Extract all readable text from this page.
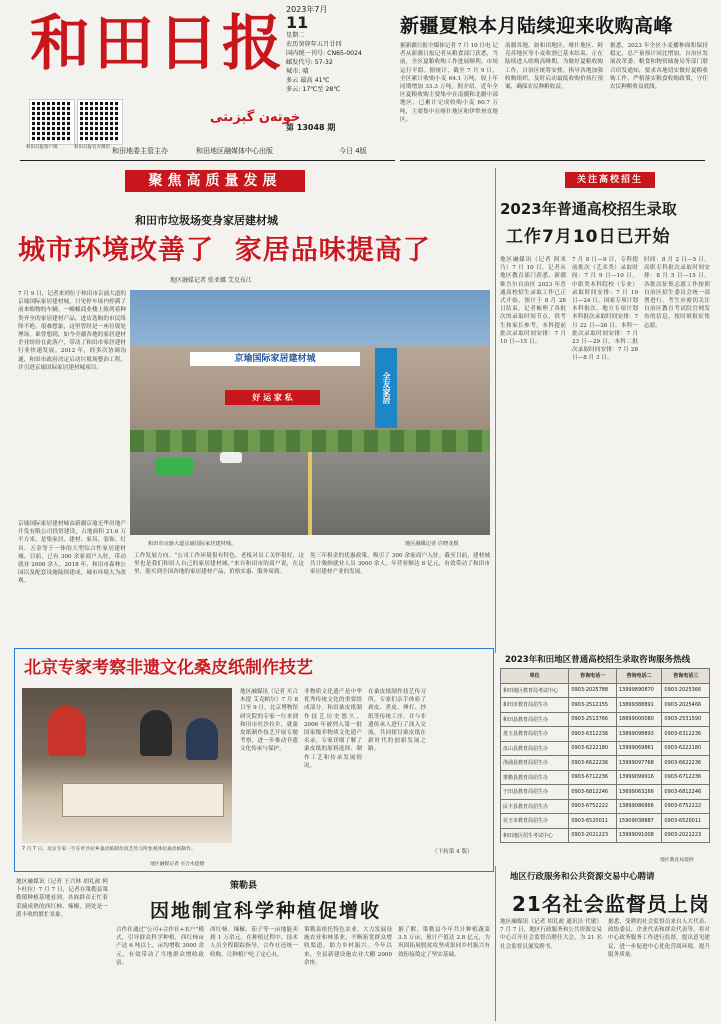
和田日报
خوتەن گېزىتى
和田日报客户端	和田日报官方微信
2023年7月
11
星期二
农历癸卯年五月廿四
国内统一刊号: CN65-0024
邮发代号: 57-32
城市: 晴
多云 最高 41℃
多云: 17℃至 28℃
第 13048 期
和田地委主管主办	和田地区融媒体中心出版	今日 4版
新疆夏粮本月陆续迎来收购高峰
据新疆日报全媒体记者 7 月 10 日电 记者从新疆日报记者从粮食部门获悉，当前，全区夏粮收购工作进展顺利，市场运行平稳。据统计，截至 7 月 9 日，全区累计收购小麦 64.1 万吨，较上年同期增加 33.3 万吨。据介绍，近年全区夏粮收购主要集中在南疆和北疆中部地区，已累计完成收购小麦 60.7 万吨，主要集中在喀什地区和伊犁州直地区。
南疆各地，如和田地区、喀什地区、阿克苏地区等小麦收割已基本结束，正在陆续进入收购高峰期。为做好夏粮收购工作，自治区统筹安排，指导各地加强收购组织，及时启动最低收购价执行预案，确保农民种粮收益。
据悉，2023 年全区小麦播种面积保持稳定，总产量预计同比增加。自治区发展改革委、粮食和物资储备局等部门联合印发通知，要求各地切实做好夏粮收购工作，严格落实粮食收购政策，守住农民种粮收益底线。
聚焦高质量发展
和田市垃圾场变身家居建材城
城市环境改善了  家居品味提高了
地区融媒记者 张亚娜 艾克布江
7 月 9 日，记者来到位于和田市京涌大道的京瑜国际家居建材城，只见停车场内停满了前来购物的车辆。一幢幢商业楼上陈列着种类齐全的家居建材产品，进店选购的市民络绎不绝。很难想象，这里曾经是一座垃圾处理场。谁曾想到，如今全疆各地的家居建材企业纷纷在此落户，带动了和田市家居建材行业快速发展。2012 年，经多次协调沟通，和田市政府决定启动垃圾场整治工程，并引进京瑜国际家居建材城项目。
京瑜国际家居建材城由新疆京瑜无华房地产开发有限公司投资建设，占地面积 21.6 万平方米，是集家居、建材、家具、装饰、灯具、五金等于一体的大型综合性家居建材城。目前，已有 300 余家商户入驻，带动就业 2000 余人。2018 年，和田市森林公园以及配套设施陆续建成，城市环境大为改观。
京瑜国际家居建材城
好 运 家 私	全友家居
和田市京瑜大道京瑜国际家居建材城。	地区融媒记者 许晓龙摄
工作发展方向。“公司工作环境很有特色，老板对员工关怀很好，这里也是我们和田人自己的家居建材城。”来自和田市的商户说，在这里，能买到全国各地的家居建材产品，价格实惠、服务周到。
免三年租金的优惠政策，吸引了 300 余家商户入驻。截至目前，建材城共计吸纳就业人员 3000 余人，年营业额达 8 亿元，有效带动了和田市家居建材产业的发展。
关注高校招生
2023年普通高校招生录取
工作7月10日已开始
地区融媒讯（记者 阿米乃）7 月 10 日，记者从地区教育部门获悉，新疆维吾尔自治区 2023 年普通高校招生录取工作已正式开始，预计于 8 月 28 日结束。记者梳理了各批次的录取时间节点，供考生和家长参考。本科提前批次录取时间安排：7 月 10 日—15 日。
7 月 8 日—9 日，专科提前批次（艺术类）录取时间：7 月 9 日—10 日，中职类本科院校（专业）录取时间安排：7 月 19 日—24 日，国家专项计划本科批次、地方专项计划本科批次录取时间安排：7 月 22 日—26 日。本科一批次录取时间安排：7 月 23 日—29 日。本科二批次录取时间安排：7 月 28 日—8 月 3 日。
时间：8 月 2 日—5 日。高职专科批次录取时间安排：8 月 5 日—15 日。各批次征集志愿工作按照自治区招生委员会统一部署进行，考生应密切关注自治区教育考试院官网发布的信息，按时填报征集志愿。
2023年和田地区普通高校招生录取咨询服务热线
单位	咨询电话一	咨询电话二	咨询电话三
和田地区教育局考试中心	0903-2025788	13999890870	0903-2025366
和田市教育局招生办	0903-2512155	13899388891	0903-2025466
和田县教育局招生办	0903-2513766	18899000080	0903-2531590
墨玉县教育局招生办	0903-6312236	13899098893	0903-6312236
皮山县教育局招生办	0903-6222180	13999069861	0903-6222180
洛浦县教育局招生办	0903-6622236	13999097768	0903-6622236
策勒县教育局招生办	0903-6712236	13999099916	0903-6712236
于田县教育局招生办	0903-6812246	13699063266	0903-6812246
民丰县教育局招生办	0903-6752222	13899086866	0903-6752222
昆玉市教育局招生办	0903-6520011	15909038887	0903-6520011
和田地区招生考试中心	0903-2021223	13999091008	0903-2021223
地区教育局提供
北京专家考察非遗文化桑皮纸制作技艺
7 月 7 日，北京专家一行在吐沙拉乡桑皮纸制作技艺传习所参观体验桑皮纸制作。
地区融媒记者 买合木提摄
地区融媒讯（记者 买合木提 艾克帕尔）7 月 8 日至 9 日，北京博物馆研究院的专家一行来到和田市吐沙拉乡，就桑皮纸制作技艺开展专题考察，进一步推动非遗文化传承与保护。
非物质文化遗产是中华优秀传统文化的重要组成部分。和田桑皮纸制作技艺历史悠久，2006 年被列入第一批国家级非物质文化遗产名录。专家详细了解了桑皮纸的原料选择、制作工艺和传承发展情况。
在桑皮纸制作技艺传习所，专家们亲手体验了剥皮、煮皮、捶打、抄纸等传统工序，并与非遗传承人进行了深入交流，共同探讨桑皮纸在新时代的创新发展之路。
（下转第 4 版）
策勒县
因地制宜科学种植促增收
地区融媒讯（记者 王兴林 胡礼政 阿卜杜拉）7 月 7 日，记者在策勒县策勒镇种植基地看到，各族群众正忙着采摘成熟的西红柿、辣椒，到处是一派丰收的繁忙景象。
合作社通过“公司+合作社+农户”模式，引导群众科学种植，西红柿亩产达 6 吨以上，亩均增收 3000 余元，有效带动了当地群众增收致富。
西红柿、辣椒、茄子等一亩地能卖到 1 万余元。在种植过程中，技术人员全程跟踪指导，合作社还统一收购，让种植户吃了定心丸。
策勒县依托特色农业，大力发展设施农业和林果业，不断拓宽群众增收渠道，助力乡村振兴。今年以来，全县新建设施农业大棚 2000 余座。
据了解，策勒县今年共计种植蔬菜 3.5 万亩，预计产值达 2.8 亿元，为巩固拓展脱贫攻坚成果同乡村振兴有效衔接奠定了坚实基础。
地区行政服务和公共资源交易中心聘请
21名社会监督员上岗
地区融媒讯（记者 胡礼政 通讯员 代敏）7 月 7 日，地区行政服务和公共资源交易中心召开社会监督员聘任大会，为 21 名社会监督员颁发聘书。
据悉，受聘的社会监督员来自人大代表、政协委员、企业代表和群众代表等，将对中心政务服务工作进行监督，提出意见建议，进一步促进中心优化营商环境，提升服务质量。
